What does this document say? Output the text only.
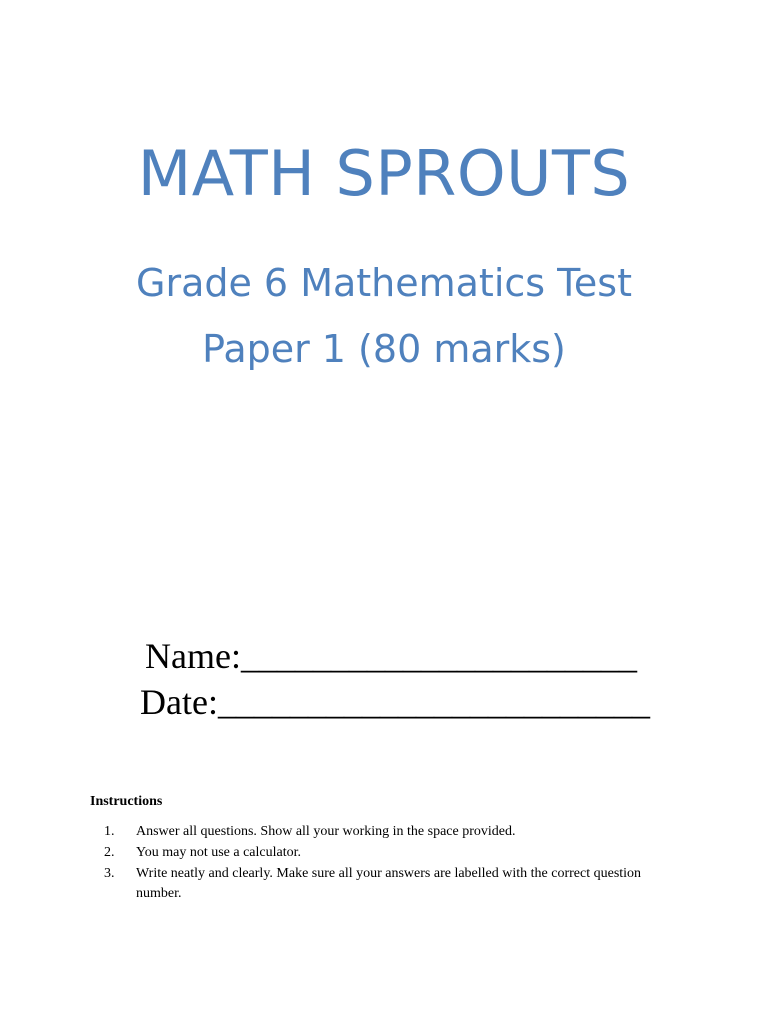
MATH SPROUTS
Grade 6 Mathematics Test
Paper 1 (80 marks)
Name:______________________
Date:________________________
Instructions
1. Answer all questions. Show all your working in the space provided.
2. You may not use a calculator.
3. Write neatly and clearly. Make sure all your answers are labelled with the correct question number.
